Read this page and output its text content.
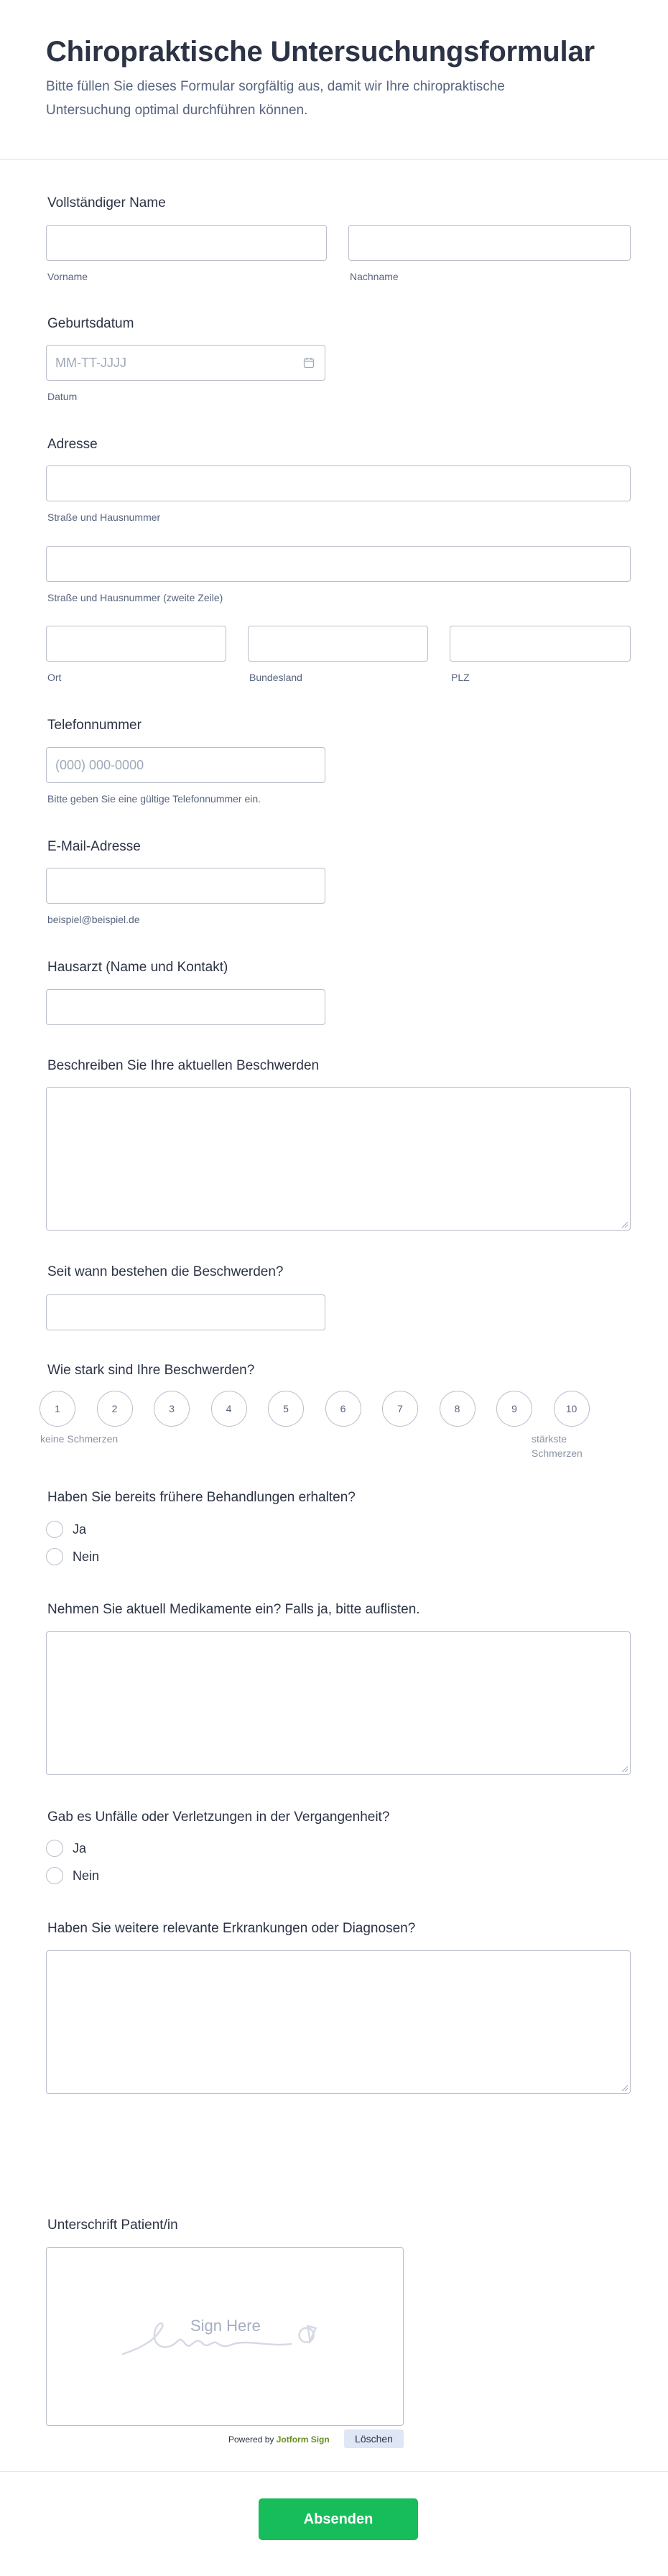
Chiropraktische Untersuchungsformular
Bitte füllen Sie dieses Formular sorgfältig aus, damit wir Ihre chiropraktische Untersuchung optimal durchführen können.
Vollständiger Name
Vorname	Nachname
Geburtsdatum
MM-TT-JJJJ
Datum
Adresse
Straße und Hausnummer
Straße und Hausnummer (zweite Zeile)
Ort	Bundesland	PLZ
Telefonnummer
(000) 000-0000
Bitte geben Sie eine gültige Telefonnummer ein.
E-Mail-Adresse
beispiel@beispiel.de
Hausarzt (Name und Kontakt)
Beschreiben Sie Ihre aktuellen Beschwerden
Seit wann bestehen die Beschwerden?
Wie stark sind Ihre Beschwerden?
keine Schmerzen	stärkste
Schmerzen
Haben Sie bereits frühere Behandlungen erhalten?
Ja
Nein
Nehmen Sie aktuell Medikamente ein? Falls ja, bitte auflisten.
Gab es Unfälle oder Verletzungen in der Vergangenheit?
Ja
Nein
Haben Sie weitere relevante Erkrankungen oder Diagnosen?
Unterschrift Patient/in
Sign Here
Powered by Jotform Sign	Löschen
Absenden
1	2	3	4	5	6	7	8	9	10
